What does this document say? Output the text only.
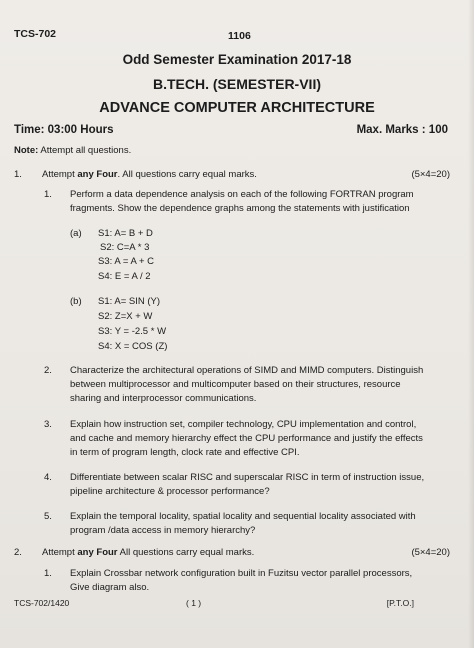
TCS-702	1106
Odd Semester Examination 2017-18
B.TECH. (SEMESTER-VII)
ADVANCE COMPUTER ARCHITECTURE
Time: 03:00 Hours	Max. Marks : 100
Note: Attempt all questions.
1. Attempt any Four. All questions carry equal marks.	(5×4=20)
1. Perform a data dependence analysis on each of the following FORTRAN program
fragments. Show the dependence graphs among the statements with justification
(a) S1: A= B + D
S2: C=A * 3
S3: A = A + C
S4: E = A / 2
(b) S1: A= SIN (Y)
S2: Z=X + W
S3: Y = -2.5 * W
S4: X = COS (Z)
2. Characterize the architectural operations of SIMD and MIMD computers. Distinguish
between multiprocessor and multicomputer based on their structures, resource
sharing and interprocessor communications.
3. Explain how instruction set, compiler technology, CPU implementation and control,
and cache and memory hierarchy effect the CPU performance and justify the effects
in term of program length, clock rate and effective CPI.
4. Differentiate between scalar RISC and superscalar RISC in term of instruction issue,
pipeline architecture & processor performance?
5. Explain the temporal locality, spatial locality and sequential locality associated with
program /data access in memory hierarchy?
2. Attempt any Four All questions carry equal marks.	(5×4=20)
1. Explain Crossbar network configuration built in Fuzitsu vector parallel processors,
Give diagram also.
TCS-702/1420	( 1 )	[P.T.O.]
